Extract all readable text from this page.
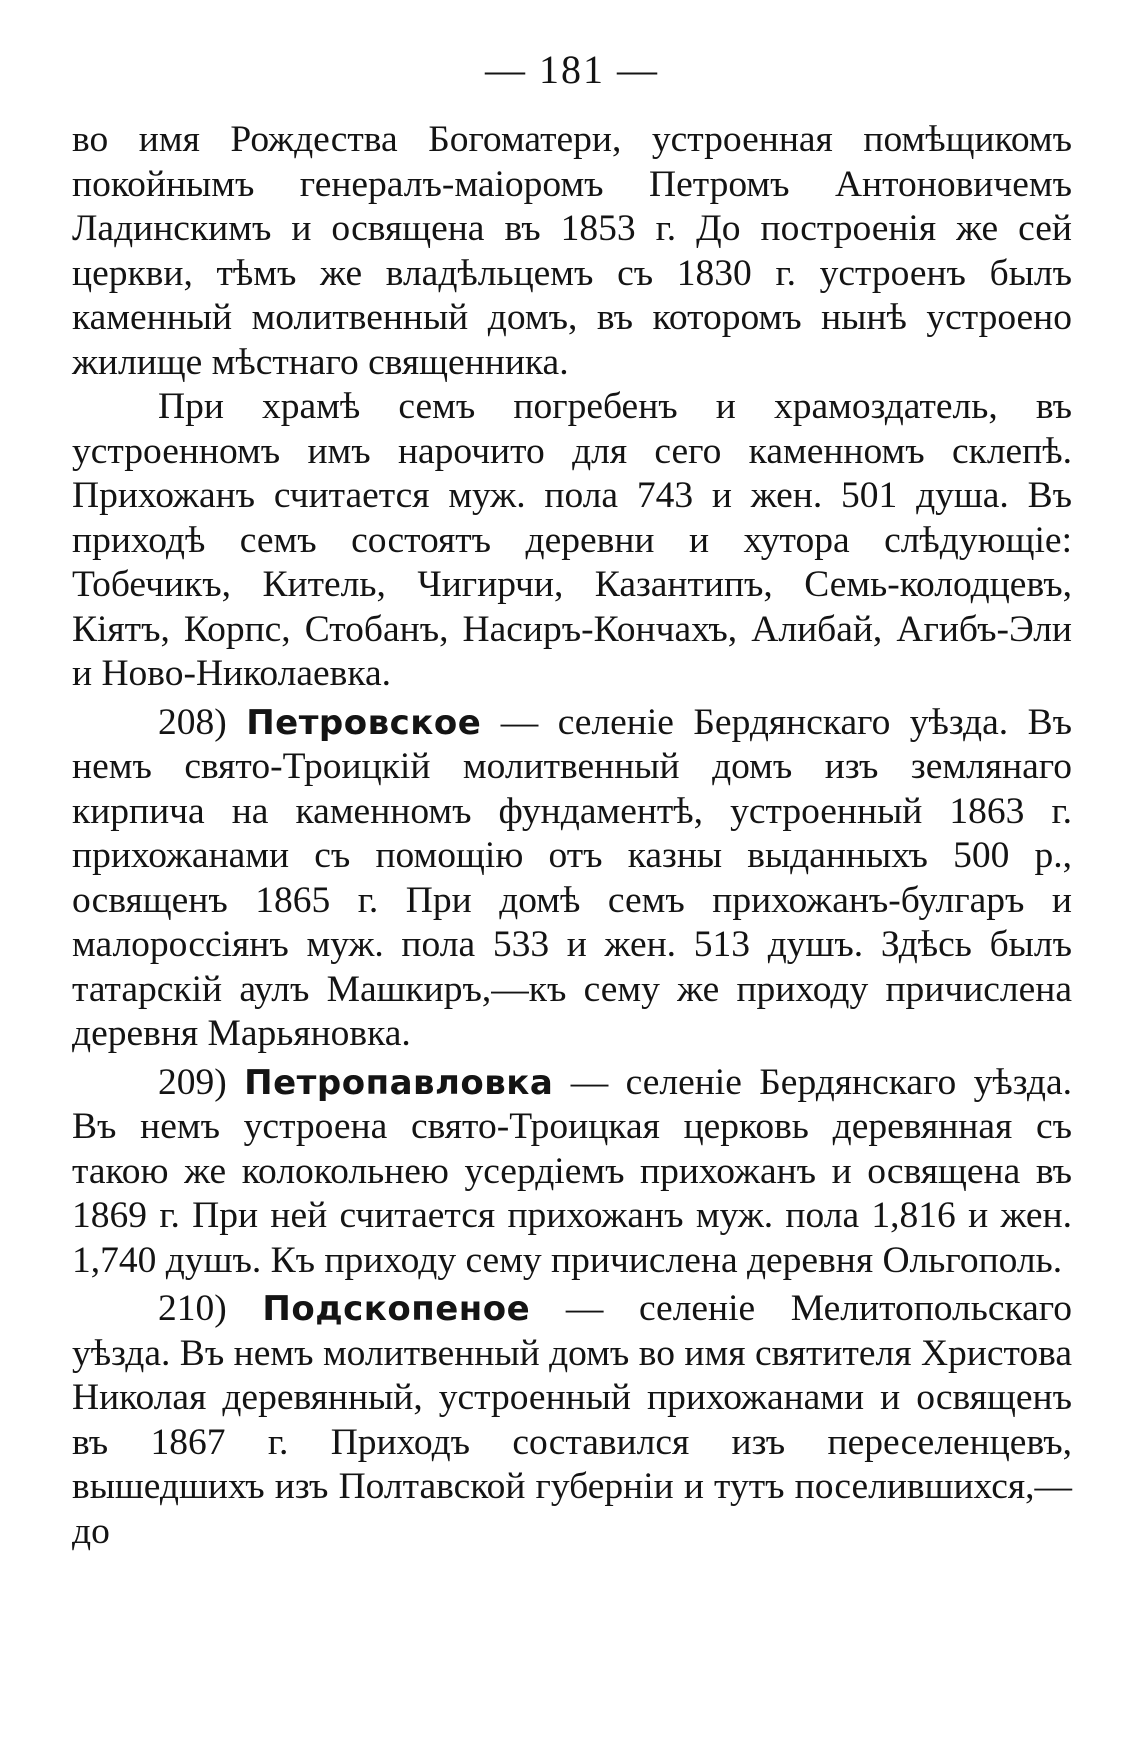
— 181 —

во имя Рождества Богоматери, устроенная помѣщикомъ покойнымъ генералъ-маіоромъ Петромъ Антоновичемъ Ладинскимъ и освящена въ 1853 г. До построенія же сей церкви, тѣмъ же владѣльцемъ съ 1830 г. устроенъ былъ каменный молитвенный домъ, въ которомъ нынѣ устроено жилище мѣстнаго священника.

При храмѣ семъ погребенъ и храмоздатель, въ устроенномъ имъ нарочито для сего каменномъ склепѣ. Прихожанъ считается муж. пола 743 и жен. 501 душа. Въ приходѣ семъ состоятъ деревни и хутора слѣдующіе: Тобечикъ, Китель, Чигирчи, Казантипъ, Семь-колодцевъ, Кіятъ, Корпс, Стобанъ, Насиръ-Кончахъ, Алибай, Агибъ-Эли и Ново-Николаевка.

208) Петровское — селеніе Бердянскаго уѣзда. Въ немъ свято-Троицкій молитвенный домъ изъ землянаго кирпича на каменномъ фундаментѣ, устроенный 1863 г. прихожанами съ помощію отъ казны выданныхъ 500 р., освященъ 1865 г. При домѣ семъ прихожанъ-булгаръ и малороссіянъ муж. пола 533 и жен. 513 душъ. Здѣсь былъ татарскій аулъ Машкиръ,—къ сему же приходу причислена деревня Марьяновка.

209) Петропавловка — селеніе Бердянскаго уѣзда. Въ немъ устроена свято-Троицкая церковь деревянная съ такою же колокольнею усердіемъ прихожанъ и освящена въ 1869 г. При ней считается прихожанъ муж. пола 1,816 и жен. 1,740 душъ. Къ приходу сему причислена деревня Ольгополь.

210) Подскопеное — селеніе Мелитопольскаго уѣзда. Въ немъ молитвенный домъ во имя святителя Христова Николая деревянный, устроенный прихожанами и освященъ въ 1867 г. Приходъ составился изъ переселенцевъ, вышедшихъ изъ Полтавской губерніи и тутъ поселившихся,—до
